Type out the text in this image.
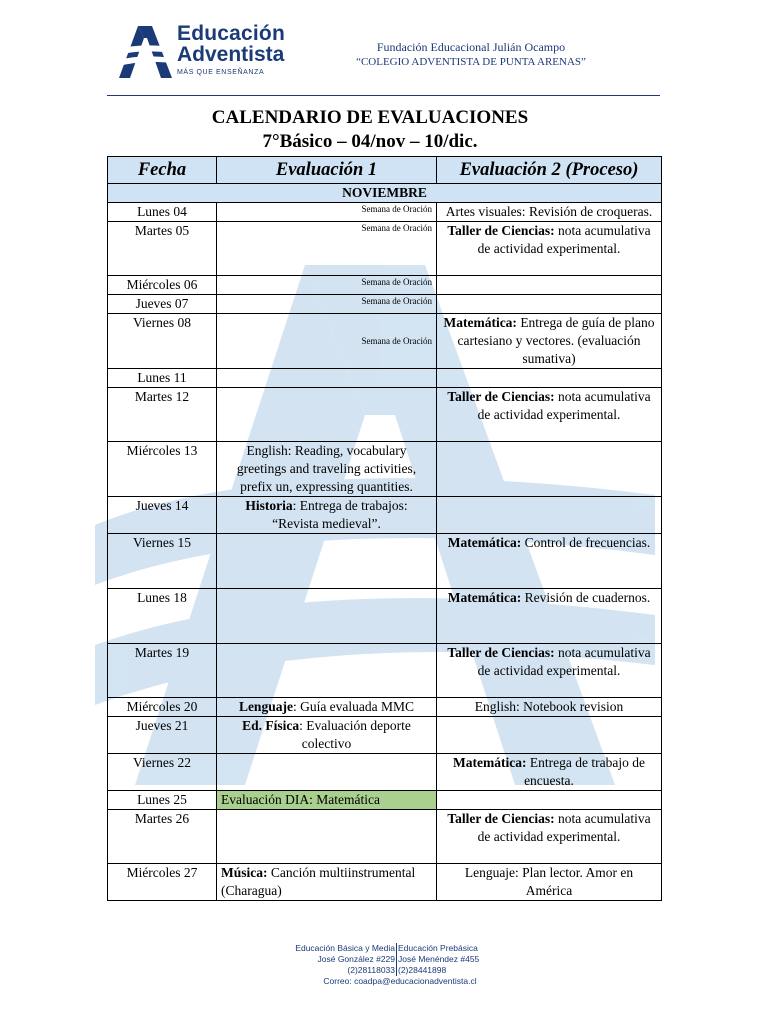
Educación
Adventista
MÁS QUE ENSEÑANZA
Fundación Educacional Julián Ocampo
“COLEGIO ADVENTISTA DE PUNTA ARENAS”
CALENDARIO DE EVALUACIONES
7°Básico – 04/nov – 10/dic.
Fecha	Evaluación 1	Evaluación 2 (Proceso)
NOVIEMBRE		
Lunes 04	Semana de Oración	Artes visuales: Revisión de croqueras.
Martes 05	Semana de Oración	Taller de Ciencias: nota acumulativa de actividad experimental.
Miércoles 06	Semana de Oración	

Jueves 07	Semana de Oración	

Viernes 08	Semana de Oración	Matemática: Entrega de guía de plano cartesiano y vectores. (evaluación sumativa)
Lunes 11		
Martes 12		Taller de Ciencias: nota acumulativa de actividad experimental.
Miércoles 13	English: Reading, vocabulary greetings and traveling activities, prefix un, expressing quantities.	
Jueves 14	Historia: Entrega de trabajos: “Revista medieval”.	
Viernes 15		Matemática: Control de frecuencias.
Lunes 18		Matemática: Revisión de cuadernos.
Martes 19		Taller de Ciencias: nota acumulativa de actividad experimental.
Miércoles 20	Lenguaje: Guía evaluada MMC	English: Notebook revision
Jueves 21	Ed. Física: Evaluación deporte colectivo	
Viernes 22		Matemática: Entrega de trabajo de encuesta.
Lunes 25	Evaluación DIA: Matemática	
Martes 26		Taller de Ciencias: nota acumulativa de actividad experimental.
Miércoles 27	Música: Canción multiinstrumental (Charagua)	Lenguaje: Plan lector. Amor en América
Educación Básica y Media
José González #229
(2)28118033
Educación Prebásica
José Menéndez #455
(2)28441898
Correo: coadpa@educacionadventista.cl
